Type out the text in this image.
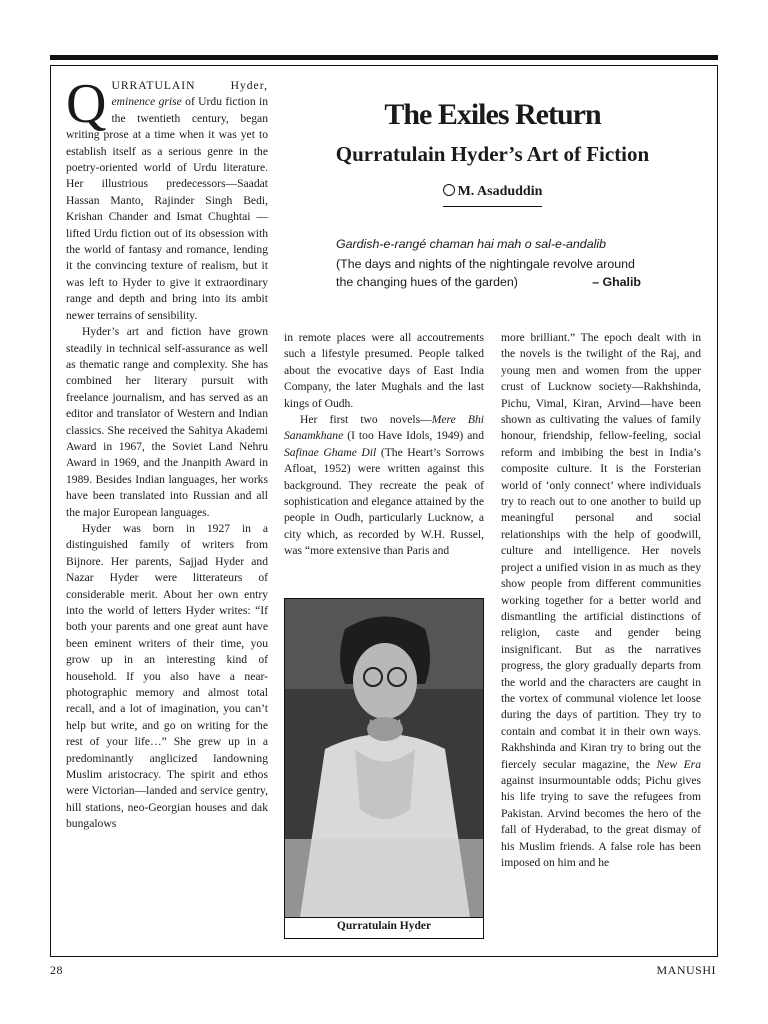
QURRATULAIN Hyder, eminence grise of Urdu fiction in the twentieth century, began writing prose at a time when it was yet to establish itself as a serious genre in the poetry-oriented world of Urdu literature. Her illustrious predecessors—Saadat Hassan Manto, Rajinder Singh Bedi, Krishan Chander and Ismat Chughtai —lifted Urdu fiction out of its obsession with the world of fantasy and romance, lending it the convincing texture of realism, but it was left to Hyder to give it extraordinary range and depth and bring into its ambit newer terrains of sensibility.

Hyder’s art and fiction have grown steadily in technical self-assurance as well as thematic range and complexity. She has combined her literary pursuit with freelance journalism, and has served as an editor and translator of Western and Indian classics. She received the Sahitya Akademi Award in 1967, the Soviet Land Nehru Award in 1969, and the Jnanpith Award in 1989. Besides Indian languages, her works have been translated into Russian and all the major European languages.

Hyder was born in 1927 in a distinguished family of writers from Bijnore. Her parents, Sajjad Hyder and Nazar Hyder were litterateurs of considerable merit. About her own entry into the world of letters Hyder writes: “If both your parents and one great aunt have been eminent writers of their time, you grow up in an interesting kind of household. If you also have a near-photographic memory and almost total recall, and a lot of imagination, you can’t help but write, and go on writing for the rest of your life…” She grew up in a predominantly anglicized landowning Muslim aristocracy. The spirit and ethos were Victorian—landed and service gentry, hill stations, neo-Georgian houses and dak bungalows

The Exiles Return
Qurratulain Hyder’s Art of Fiction
M. Asaduddin

Gardish-e-rangé chaman hai mah o sal-e-andalib

(The days and nights of the nightingale revolve around

the changing hues of the garden)	– Ghalib

in remote places were all accoutrements such a lifestyle presumed. People talked about the evocative days of East India Company, the later Mughals and the last kings of Oudh.

Her first two novels—Mere Bhi Sanamkhane (I too Have Idols, 1949) and Safinae Ghame Dil (The Heart’s Sorrows Afloat, 1952) were written against this background. They recreate the peak of sophistication and elegance attained by the people in Oudh, particularly Lucknow, a city which, as recorded by W.H. Russel, was “more extensive than Paris and

Qurratulain Hyder

more brilliant.” The epoch dealt with in the novels is the twilight of the Raj, and young men and women from the upper crust of Lucknow society—Rakhshinda, Pichu, Vimal, Kiran, Arvind—have been shown as cultivating the values of family honour, friendship, fellow-feeling, social reform and imbibing the best in India’s composite culture. It is the Forsterian world of ‘only connect’ where individuals try to reach out to one another to build up meaningful personal and social relationships with the help of goodwill, culture and intelligence. Her novels project a unified vision in as much as they show people from different communities working together for a better world and dismantling the artificial distinctions of religion, caste and gender being insignificant. But as the narratives progress, the glory gradually departs from the world and the characters are caught in the vortex of communal violence let loose during the days of partition. They try to contain and combat it in their own ways. Rakhshinda and Kiran try to bring out the fiercely secular magazine, the New Era against insurmountable odds; Pichu gives his life trying to save the refugees from Pakistan. Arvind becomes the hero of the fall of Hyderabad, to the great dismay of his Muslim friends. A false role has been imposed on him and he

28	MANUSHI
